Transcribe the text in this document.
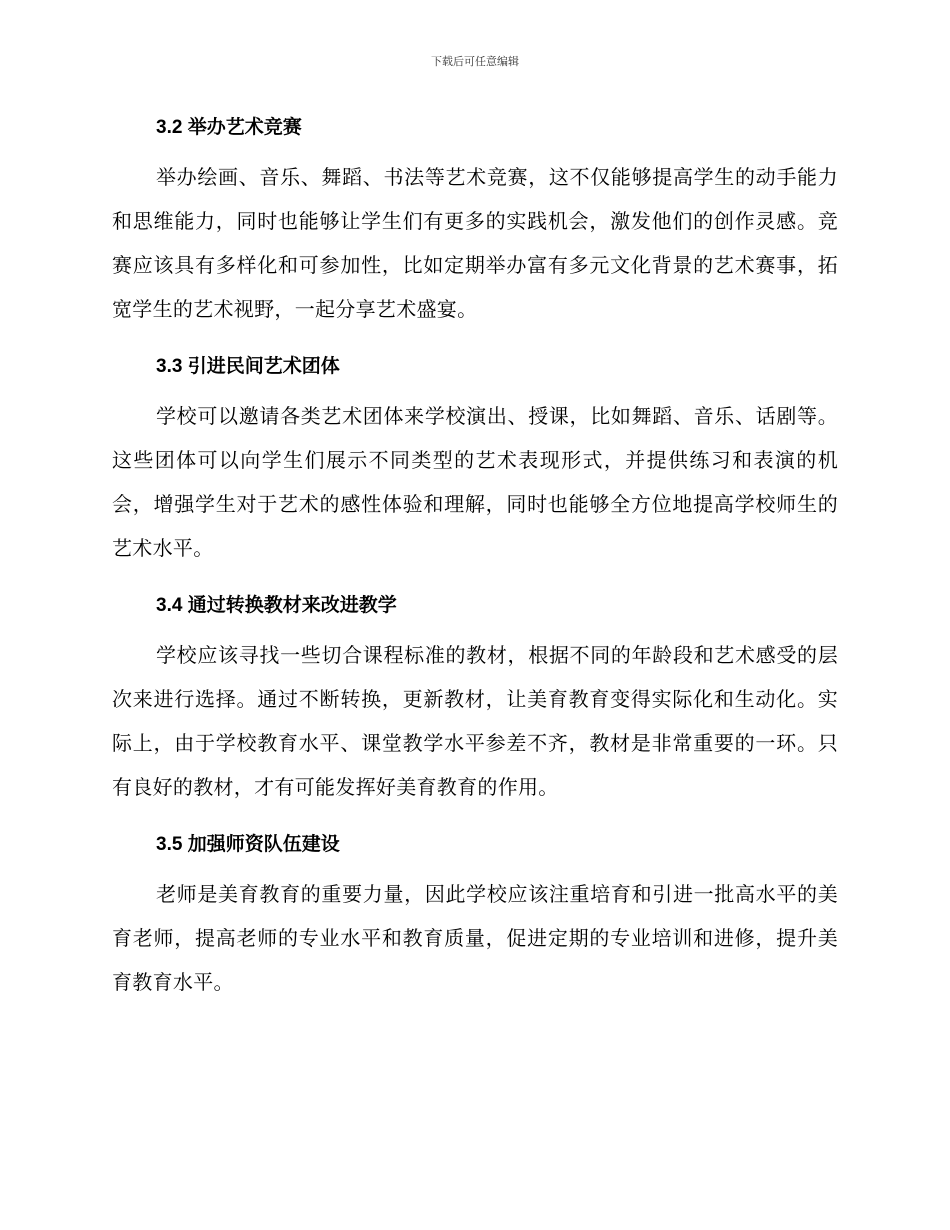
下载后可任意编辑
3.2 举办艺术竞赛

举办绘画、音乐、舞蹈、书法等艺术竞赛，这不仅能够提高学生的动手能力和思维能力，同时也能够让学生们有更多的实践机会，激发他们的创作灵感。竞赛应该具有多样化和可参加性，比如定期举办富有多元文化背景的艺术赛事，拓宽学生的艺术视野，一起分享艺术盛宴。

3.3 引进民间艺术团体

学校可以邀请各类艺术团体来学校演出、授课，比如舞蹈、音乐、话剧等。这些团体可以向学生们展示不同类型的艺术表现形式，并提供练习和表演的机会，增强学生对于艺术的感性体验和理解，同时也能够全方位地提高学校师生的艺术水平。

3.4 通过转换教材来改进教学

学校应该寻找一些切合课程标准的教材，根据不同的年龄段和艺术感受的层次来进行选择。通过不断转换，更新教材，让美育教育变得实际化和生动化。实际上，由于学校教育水平、课堂教学水平参差不齐，教材是非常重要的一环。只有良好的教材，才有可能发挥好美育教育的作用。

3.5 加强师资队伍建设

老师是美育教育的重要力量，因此学校应该注重培育和引进一批高水平的美育老师，提高老师的专业水平和教育质量，促进定期的专业培训和进修，提升美育教育水平。
